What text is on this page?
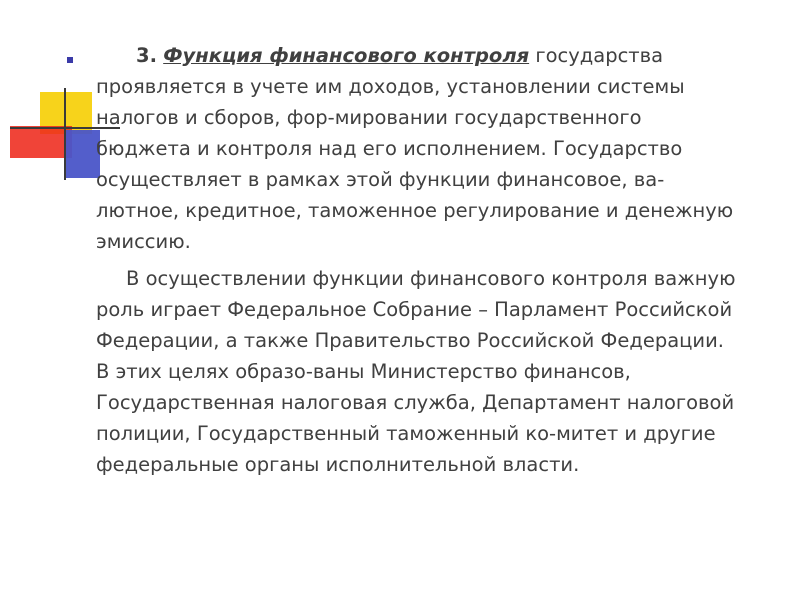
3. Функция финансового контроля государства проявляется в учете им доходов, установлении системы налогов и сборов, фор-мировании государственного бюджета и контроля над его исполнением. Государство осуществляет в рамках этой функции финансовое, ва-лютное, кредитное, таможенное регулирование и денежную эмиссию.

В осуществлении функции финансового контроля важную роль играет Федеральное Собрание – Парламент Российской Федерации, а также Правительство Российской Федерации. В этих целях образо-ваны Министерство финансов, Государственная налоговая служба, Департамент налоговой полиции, Государственный таможенный ко-митет и другие федеральные органы исполнительной власти.
